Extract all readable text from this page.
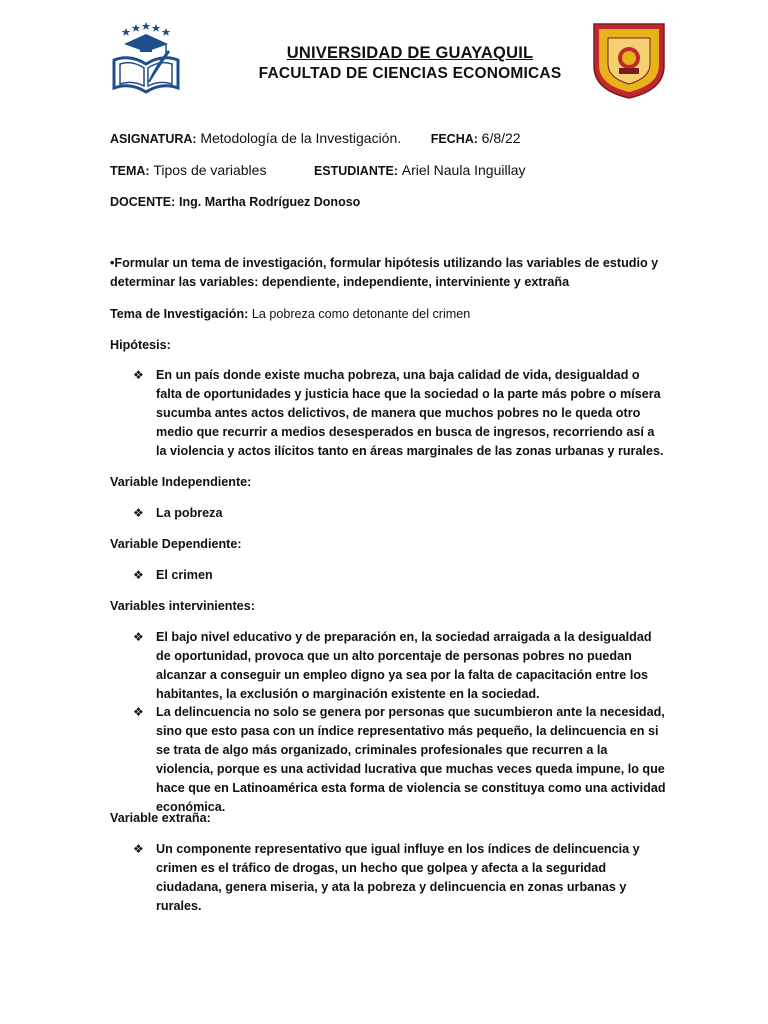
UNIVERSIDAD DE GUAYAQUIL
FACULTAD DE CIENCIAS ECONOMICAS
ASIGNATURA: Metodología de la Investigación. FECHA: 6/8/22
TEMA: Tipos de variables	ESTUDIANTE: Ariel Naula Inguillay
DOCENTE: Ing. Martha Rodríguez Donoso
•Formular un tema de investigación, formular hipótesis utilizando las variables de estudio y determinar las variables: dependiente, independiente, interviniente y extraña
Tema de Investigación: La pobreza como detonante del crimen
Hipótesis:
❖ En un país donde existe mucha pobreza, una baja calidad de vida, desigualdad o falta de oportunidades y justicia hace que la sociedad o la parte más pobre o mísera sucumba antes actos delictivos, de manera que muchos pobres no le queda otro medio que recurrir a medios desesperados en busca de ingresos, recorriendo así a la violencia y actos ilícitos tanto en áreas marginales de las zonas urbanas y rurales.
Variable Independiente:
❖ La pobreza
Variable Dependiente:
❖ El crimen
Variables intervinientes:
❖ El bajo nivel educativo y de preparación en, la sociedad arraigada a la desigualdad de oportunidad, provoca que un alto porcentaje de personas pobres no puedan alcanzar a conseguir un empleo digno ya sea por la falta de capacitación entre los habitantes, la exclusión o marginación existente en la sociedad.
❖ La delincuencia no solo se genera por personas que sucumbieron ante la necesidad, sino que esto pasa con un índice representativo más pequeño, la delincuencia en si se trata de algo más organizado, criminales profesionales que recurren a la violencia, porque es una actividad lucrativa que muchas veces queda impune, lo que hace que en Latinoamérica esta forma de violencia se constituya como una actividad económica.
Variable extraña:
❖ Un componente representativo que igual influye en los índices de delincuencia y crimen es el tráfico de drogas, un hecho que golpea y afecta a la seguridad ciudadana, genera miseria, y ata la pobreza y delincuencia en zonas urbanas y rurales.
